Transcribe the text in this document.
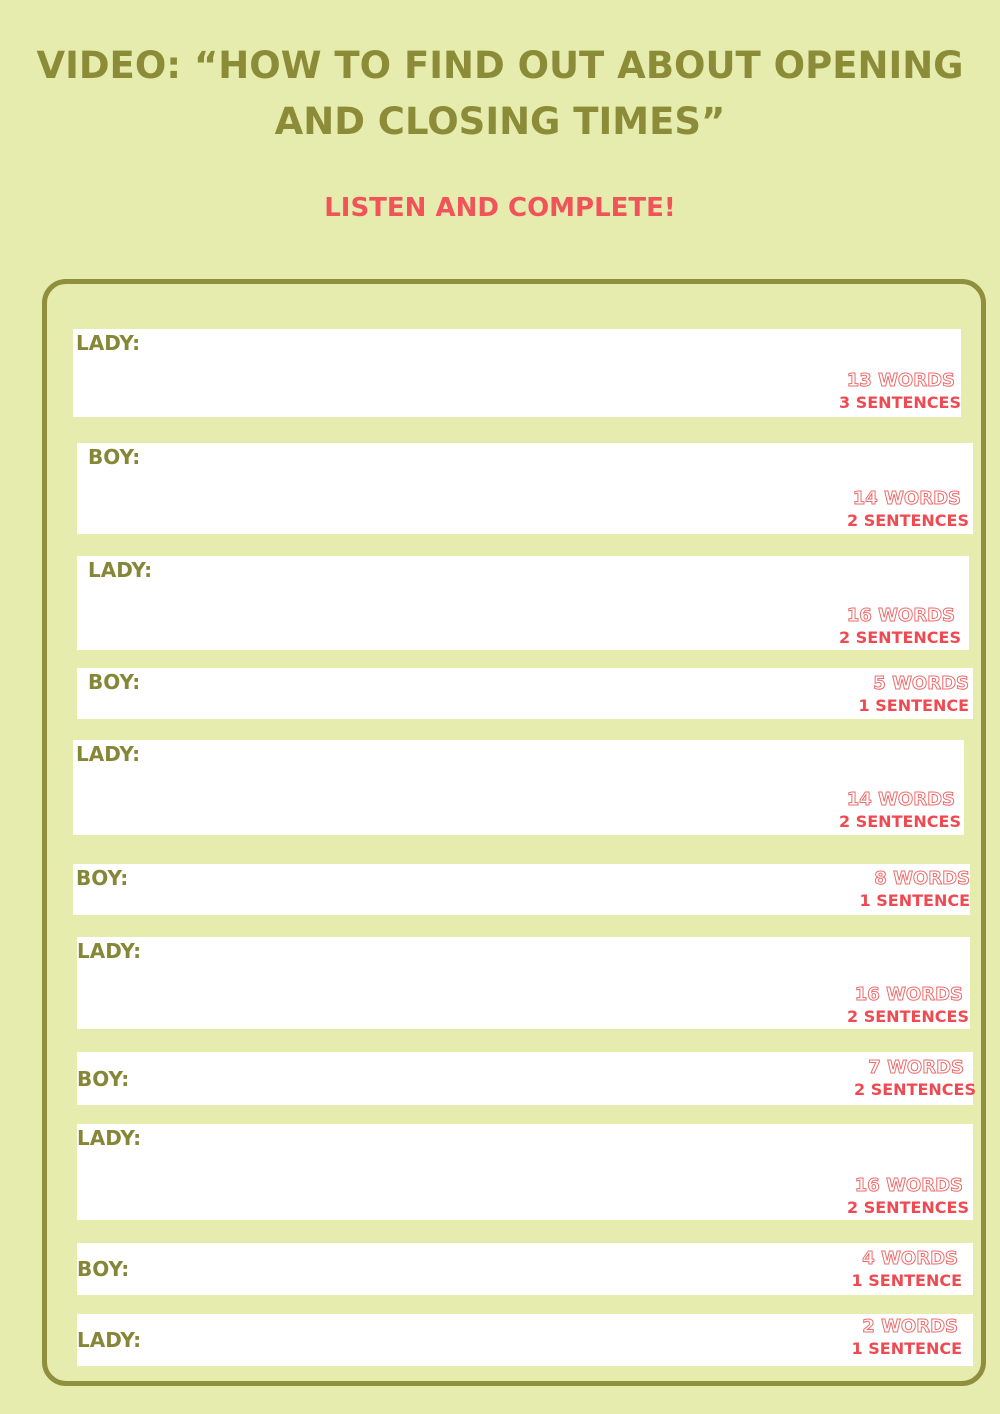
VIDEO: “HOW TO FIND OUT ABOUT OPENING
AND CLOSING TIMES”
LISTEN AND COMPLETE!
LADY:
13 WORDS
3 SENTENCES
BOY:
14 WORDS
2 SENTENCES
LADY:
16 WORDS
2 SENTENCES
BOY:	5 WORDS
1 SENTENCE
LADY:
14 WORDS
2 SENTENCES
BOY:	8 WORDS
1 SENTENCE
LADY:
16 WORDS
2 SENTENCES
BOY:	7 WORDS
2 SENTENCES
LADY:
16 WORDS
2 SENTENCES
BOY:	4 WORDS
1 SENTENCE
LADY:
2 WORDS
1 SENTENCE
